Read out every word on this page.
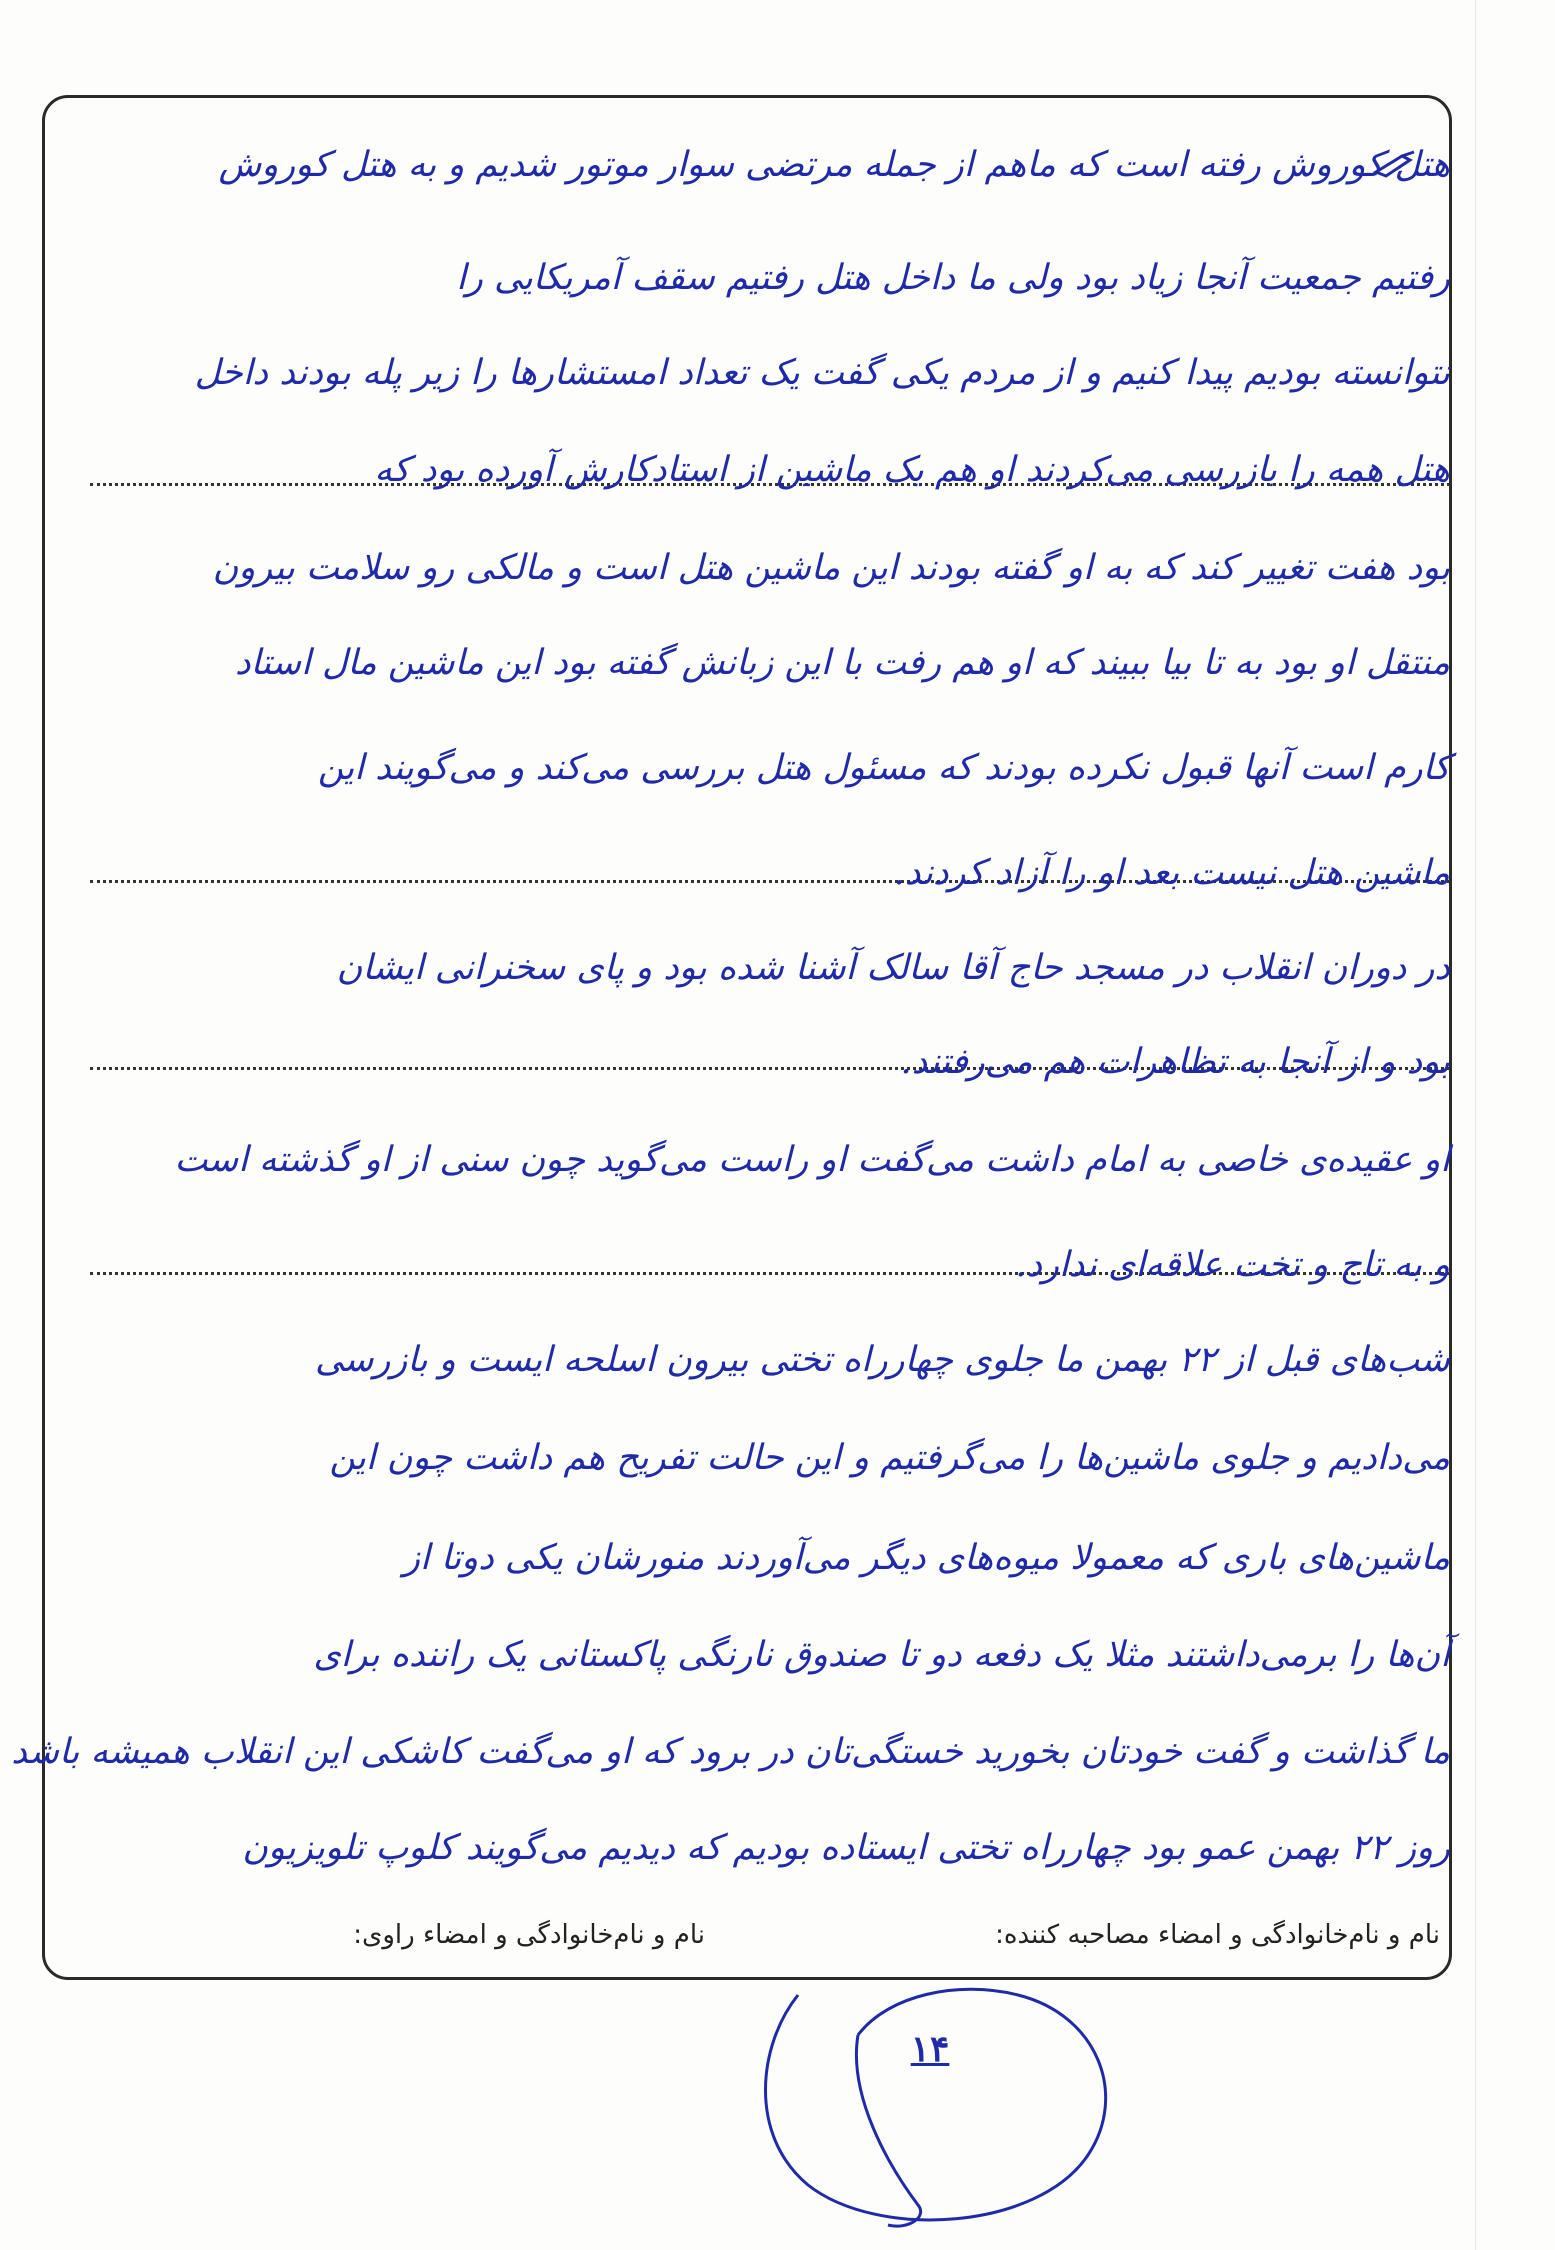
هتل کوروش رفته است که ماهم از جمله مرتضی سوار موتور شدیم و به هتل کوروش
رفتیم جمعیت آنجا زیاد بود ولی ما داخل هتل رفتیم سقف آمریکایی را
نتوانسته بودیم پیدا کنیم و از مردم یکی گفت یک تعداد امستشارها را زیر پله بودند داخل
هتل همه را بازرسی می‌کردند او هم یک ماشین از استادکارش آورده بود که
بود هفت تغییر کند که به او گفته بودند این ماشین هتل است و مالکی رو سلامت بیرون
منتقل او بود به تا بیا ببیند که او هم رفت با این زبانش گفته بود این ماشین مال استاد
کارم است آنها قبول نکرده بودند که مسئول هتل بررسی می‌کند و می‌گویند این
ماشین هتل نیست بعد او را آزاد کردند.
در دوران انقلاب در مسجد حاج آقا سالک آشنا شده بود و پای سخنرانی ایشان
بود و از آنجا به تظاهرات هم می‌رفتند.
او عقیده‌ی خاصی به امام داشت می‌گفت او راست می‌گوید چون سنی از او گذشته است
و به تاج و تخت علاقه‌ای ندارد.
شب‌های قبل از ۲۲ بهمن ما جلوی چهارراه تختی بیرون اسلحه ایست و بازرسی
می‌دادیم و جلوی ماشین‌ها را می‌گرفتیم و این حالت تفریح هم داشت چون این
ماشین‌های باری که معمولا میوه‌های دیگر می‌آوردند منورشان یکی دوتا از
آن‌ها را برمی‌داشتند مثلا یک دفعه دو تا صندوق نارنگی پاکستانی یک راننده برای
ما گذاشت و گفت خودتان بخورید خستگی‌تان در برود که او می‌گفت کاشکی این انقلاب همیشه باشد
روز ۲۲ بهمن عمو بود چهارراه تختی ایستاده بودیم که دیدیم می‌گویند کلوپ تلویزیون
نام و نام‌خانوادگی و امضاء مصاحبه کننده:
نام و نام‌خانوادگی و امضاء راوی:
۱۴
